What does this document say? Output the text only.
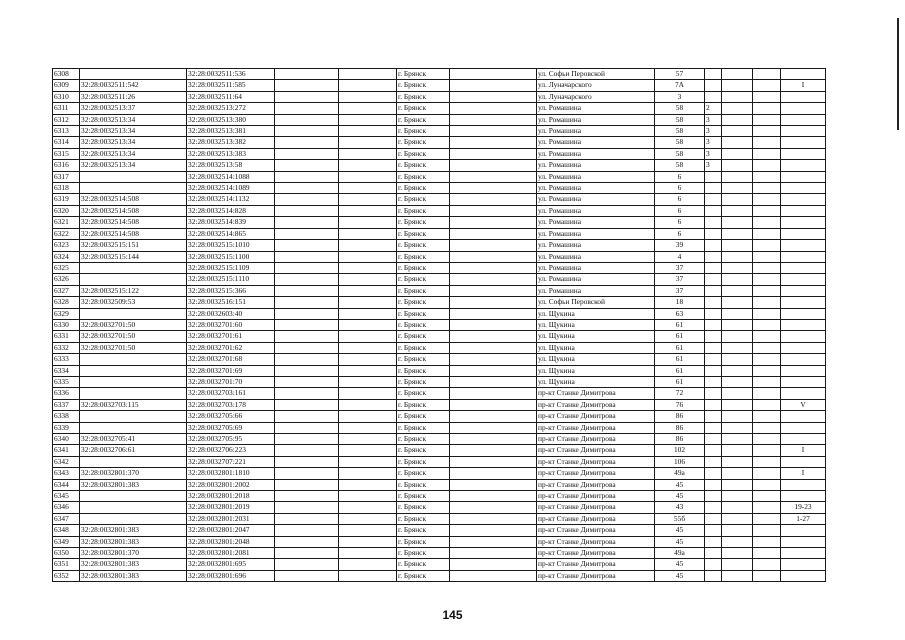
6308		32:28:0032511:536			г. Брянск		ул. Софьи Перовской	57				
6309	32:28:0032511:542	32:28:0032511:585			г. Брянск		ул. Луначарского	7А				I
6310	32:28:0032511:26	32:28:0032511:64			г. Брянск		ул. Луначарского	3				
6311	32:28:0032513:37	32:28:0032513:272			г. Брянск		ул. Ромашина	58	2			
6312	32:28:0032513:34	32:28:0032513:380			г. Брянск		ул. Ромашина	58	3			
6313	32:28:0032513:34	32:28:0032513:381			г. Брянск		ул. Ромашина	58	3			
6314	32:28:0032513:34	32:28:0032513:382			г. Брянск		ул. Ромашина	58	3			
6315	32:28:0032513:34	32:28:0032513:383			г. Брянск		ул. Ромашина	58	3			
6316	32:28:0032513:34	32:28:0032513:58			г. Брянск		ул. Ромашина	58	3			
6317		32:28:0032514:1088			г. Брянск		ул. Ромашина	6				
6318		32:28:0032514:1089			г. Брянск		ул. Ромашина	6				
6319	32:28:0032514:508	32:28:0032514:1132			г. Брянск		ул. Ромашина	6				
6320	32:28:0032514:508	32:28:0032514:828			г. Брянск		ул. Ромашина	6				
6321	32:28:0032514:508	32:28:0032514:839			г. Брянск		ул. Ромашина	6				
6322	32:28:0032514:508	32:28:0032514:865			г. Брянск		ул. Ромашина	6				
6323	32:28:0032515:151	32:28:0032515:1010			г. Брянск		ул. Ромашина	39				
6324	32:28:0032515:144	32:28:0032515:1100			г. Брянск		ул. Ромашина	4				
6325		32:28:0032515:1109			г. Брянск		ул. Ромашина	37				
6326		32:28:0032515:1110			г. Брянск		ул. Ромашина	37				
6327	32:28:0032515:122	32:28:0032515:366			г. Брянск		ул. Ромашина	37				
6328	32:28:0032509:53	32:28:0032516:151			г. Брянск		ул. Софьи Перовской	18				
6329		32:28:0032603:40			г. Брянск		ул. Щукина	63				
6330	32:28:0032701:50	32:28:0032701:60			г. Брянск		ул. Щукина	61				
6331	32:28:0032701:50	32:28:0032701:61			г. Брянск		ул. Щукина	61				
6332	32:28:0032701:50	32:28:0032701:62			г. Брянск		ул. Щукина	61				
6333		32:28:0032701:68			г. Брянск		ул. Щукина	61				
6334		32:28:0032701:69			г. Брянск		ул. Щукина	61				
6335		32:28:0032701:70			г. Брянск		ул. Щукина	61				
6336		32:28:0032703:161			г. Брянск		пр-кт Станке Димитрова	72				
6337	32:28:0032703:115	32:28:0032703:178			г. Брянск		пр-кт Станке Димитрова	76				V
6338		32:28:0032705:66			г. Брянск		пр-кт Станке Димитрова	86				
6339		32:28:0032705:69			г. Брянск		пр-кт Станке Димитрова	86				
6340	32:28:0032705:41	32:28:0032705:95			г. Брянск		пр-кт Станке Димитрова	86				
6341	32:28:0032706:61	32:28:0032706:223			г. Брянск		пр-кт Станке Димитрова	102				I
6342		32:28:0032707:221			г. Брянск		пр-кт Станке Димитрова	106				
6343	32:28:0032801:370	32:28:0032801:1810			г. Брянск		пр-кт Станке Димитрова	49а				I
6344	32:28:0032801:383	32:28:0032801:2002			г. Брянск		пр-кт Станке Димитрова	45				
6345		32:28:0032801:2018			г. Брянск		пр-кт Станке Димитрова	45				
6346		32:28:0032801:2019			г. Брянск		пр-кт Станке Димитрова	43				19-23
6347		32:28:0032801:2031			г. Брянск		пр-кт Станке Димитрова	55б				1-27
6348	32:28:0032801:383	32:28:0032801:2047			г. Брянск		пр-кт Станке Димитрова	45				
6349	32:28:0032801:383	32:28:0032801:2048			г. Брянск		пр-кт Станке Димитрова	45				
6350	32:28:0032801:370	32:28:0032801:2081			г. Брянск		пр-кт Станке Димитрова	49а				
6351	32:28:0032801:383	32:28:0032801:695			г. Брянск		пр-кт Станке Димитрова	45				
6352	32:28:0032801:383	32:28:0032801:696			г. Брянск		пр-кт Станке Димитрова	45				
145
